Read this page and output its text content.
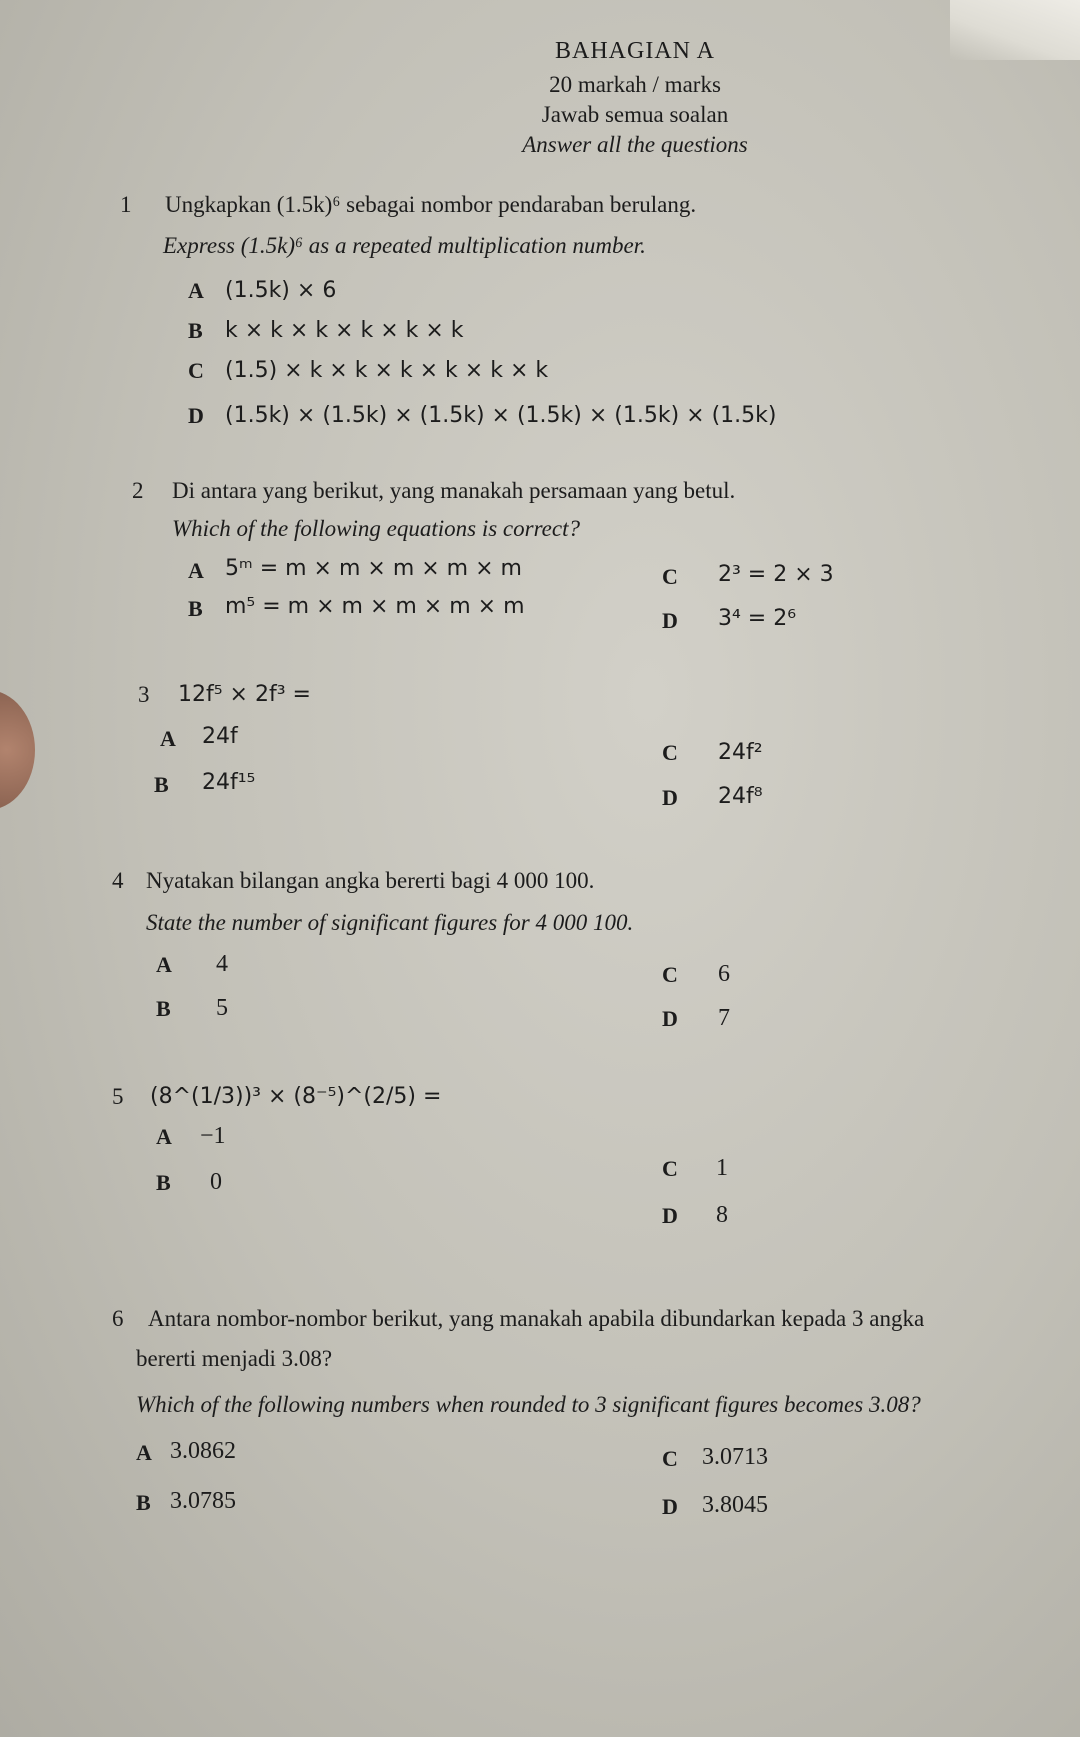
BAHAGIAN A
20 markah / marks
Jawab semua soalan
Answer all the questions
1 Ungkapkan (1.5k)⁶ sebagai nombor pendaraban berulang.
Express (1.5k)⁶ as a repeated multiplication number.
A (1.5k) × 6
B k × k × k × k × k × k
C (1.5) × k × k × k × k × k × k
D (1.5k) × (1.5k) × (1.5k) × (1.5k) × (1.5k) × (1.5k)
2 Di antara yang berikut, yang manakah persamaan yang betul.
Which of the following equations is correct?
A 5ᵐ = m × m × m × m × m
B m⁵ = m × m × m × m × m
C 2³ = 2 × 3
D 3⁴ = 2⁶
3 12f⁵ × 2f³ =
A 24f
B 24f¹⁵
C 24f²
D 24f⁸
4 Nyatakan bilangan angka bererti bagi 4 000 100.
State the number of significant figures for 4 000 100.
A 4
B 5
C 6
D 7
5 (8^(1/3))³ × (8⁻⁵)^(2/5) =
A −1
B 0
C 1
D 8
6 Antara nombor-nombor berikut, yang manakah apabila dibundarkan kepada 3 angka
bererti menjadi 3.08?
Which of the following numbers when rounded to 3 significant figures becomes 3.08?
A 3.0862
B 3.0785
C 3.0713
D 3.8045
